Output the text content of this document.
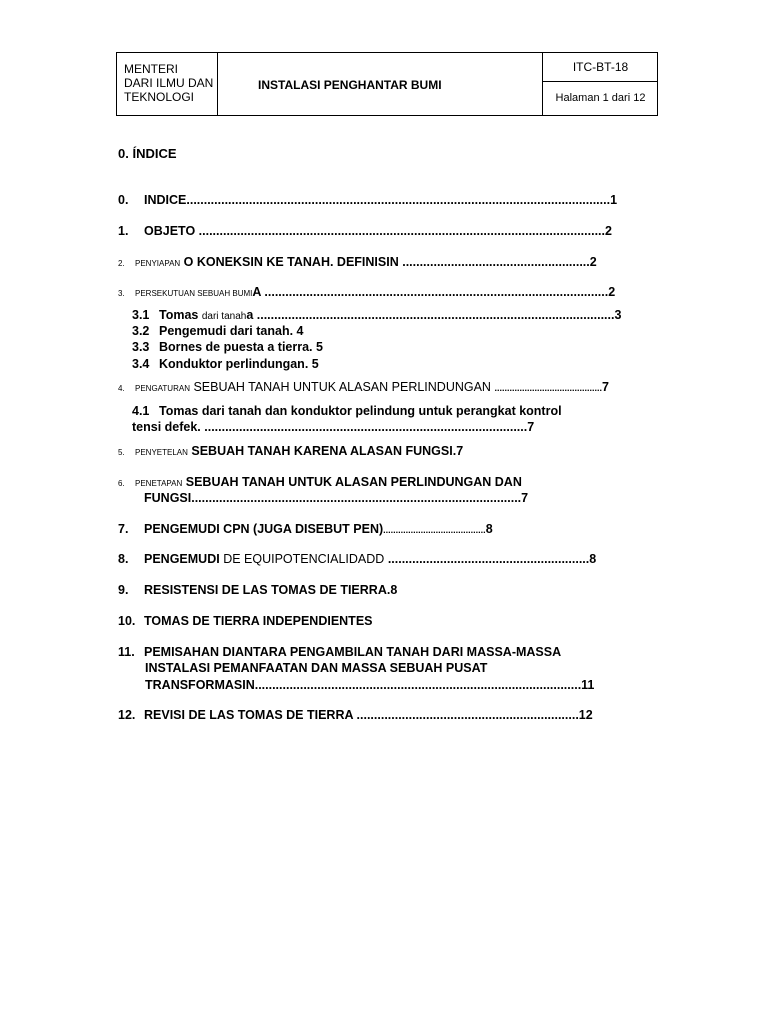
MENTERI
DARI ILMU DAN
TEKNOLOGI
INSTALASI PENGHANTAR BUMI
ITC-BT-18
Halaman 1 dari 12
0. ÍNDICE
0. INDICE..........................................................................................................................1
1. OBJETO .....................................................................................................................2
2. PENYIAPAN O KONEKSIN KE TANAH. DEFINISIN ......................................................2
3. PERSEKUTUAN SEBUAH BUMIA ...................................................................................................2
3.1 Tomas dari tanaha .......................................................................................................3
3.2 Pengemudi dari tanah. 4
3.3 Bornes de puesta a tierra. 5
3.4 Konduktor perlindungan. 5
4. PENGATURAN SEBUAH TANAH UNTUK ALASAN PERLINDUNGAN ...........................................7
4.1 Tomas dari tanah dan konduktor pelindung untuk perangkat kontrol
tensi defek. .............................................................................................7
5. PENYETELAN SEBUAH TANAH KARENA ALASAN FUNGSI.7
6. PENETAPAN SEBUAH TANAH UNTUK ALASAN PERLINDUNGAN DAN
FUNGSI...............................................................................................7
7. PENGEMUDI CPN (JUGA DISEBUT PEN).........................................8
8. PENGEMUDI DE EQUIPOTENCIALIDADD ..........................................................8
9. RESISTENSI DE LAS TOMAS DE TIERRA.8
10. TOMAS DE TIERRA INDEPENDIENTES
11. PEMISAHAN DIANTARA PENGAMBILAN TANAH DARI MASSA-MASSA
INSTALASI PEMANFAATAN DAN MASSA SEBUAH PUSAT
TRANSFORMASIN..............................................................................................11
12. REVISI DE LAS TOMAS DE TIERRA ................................................................12
